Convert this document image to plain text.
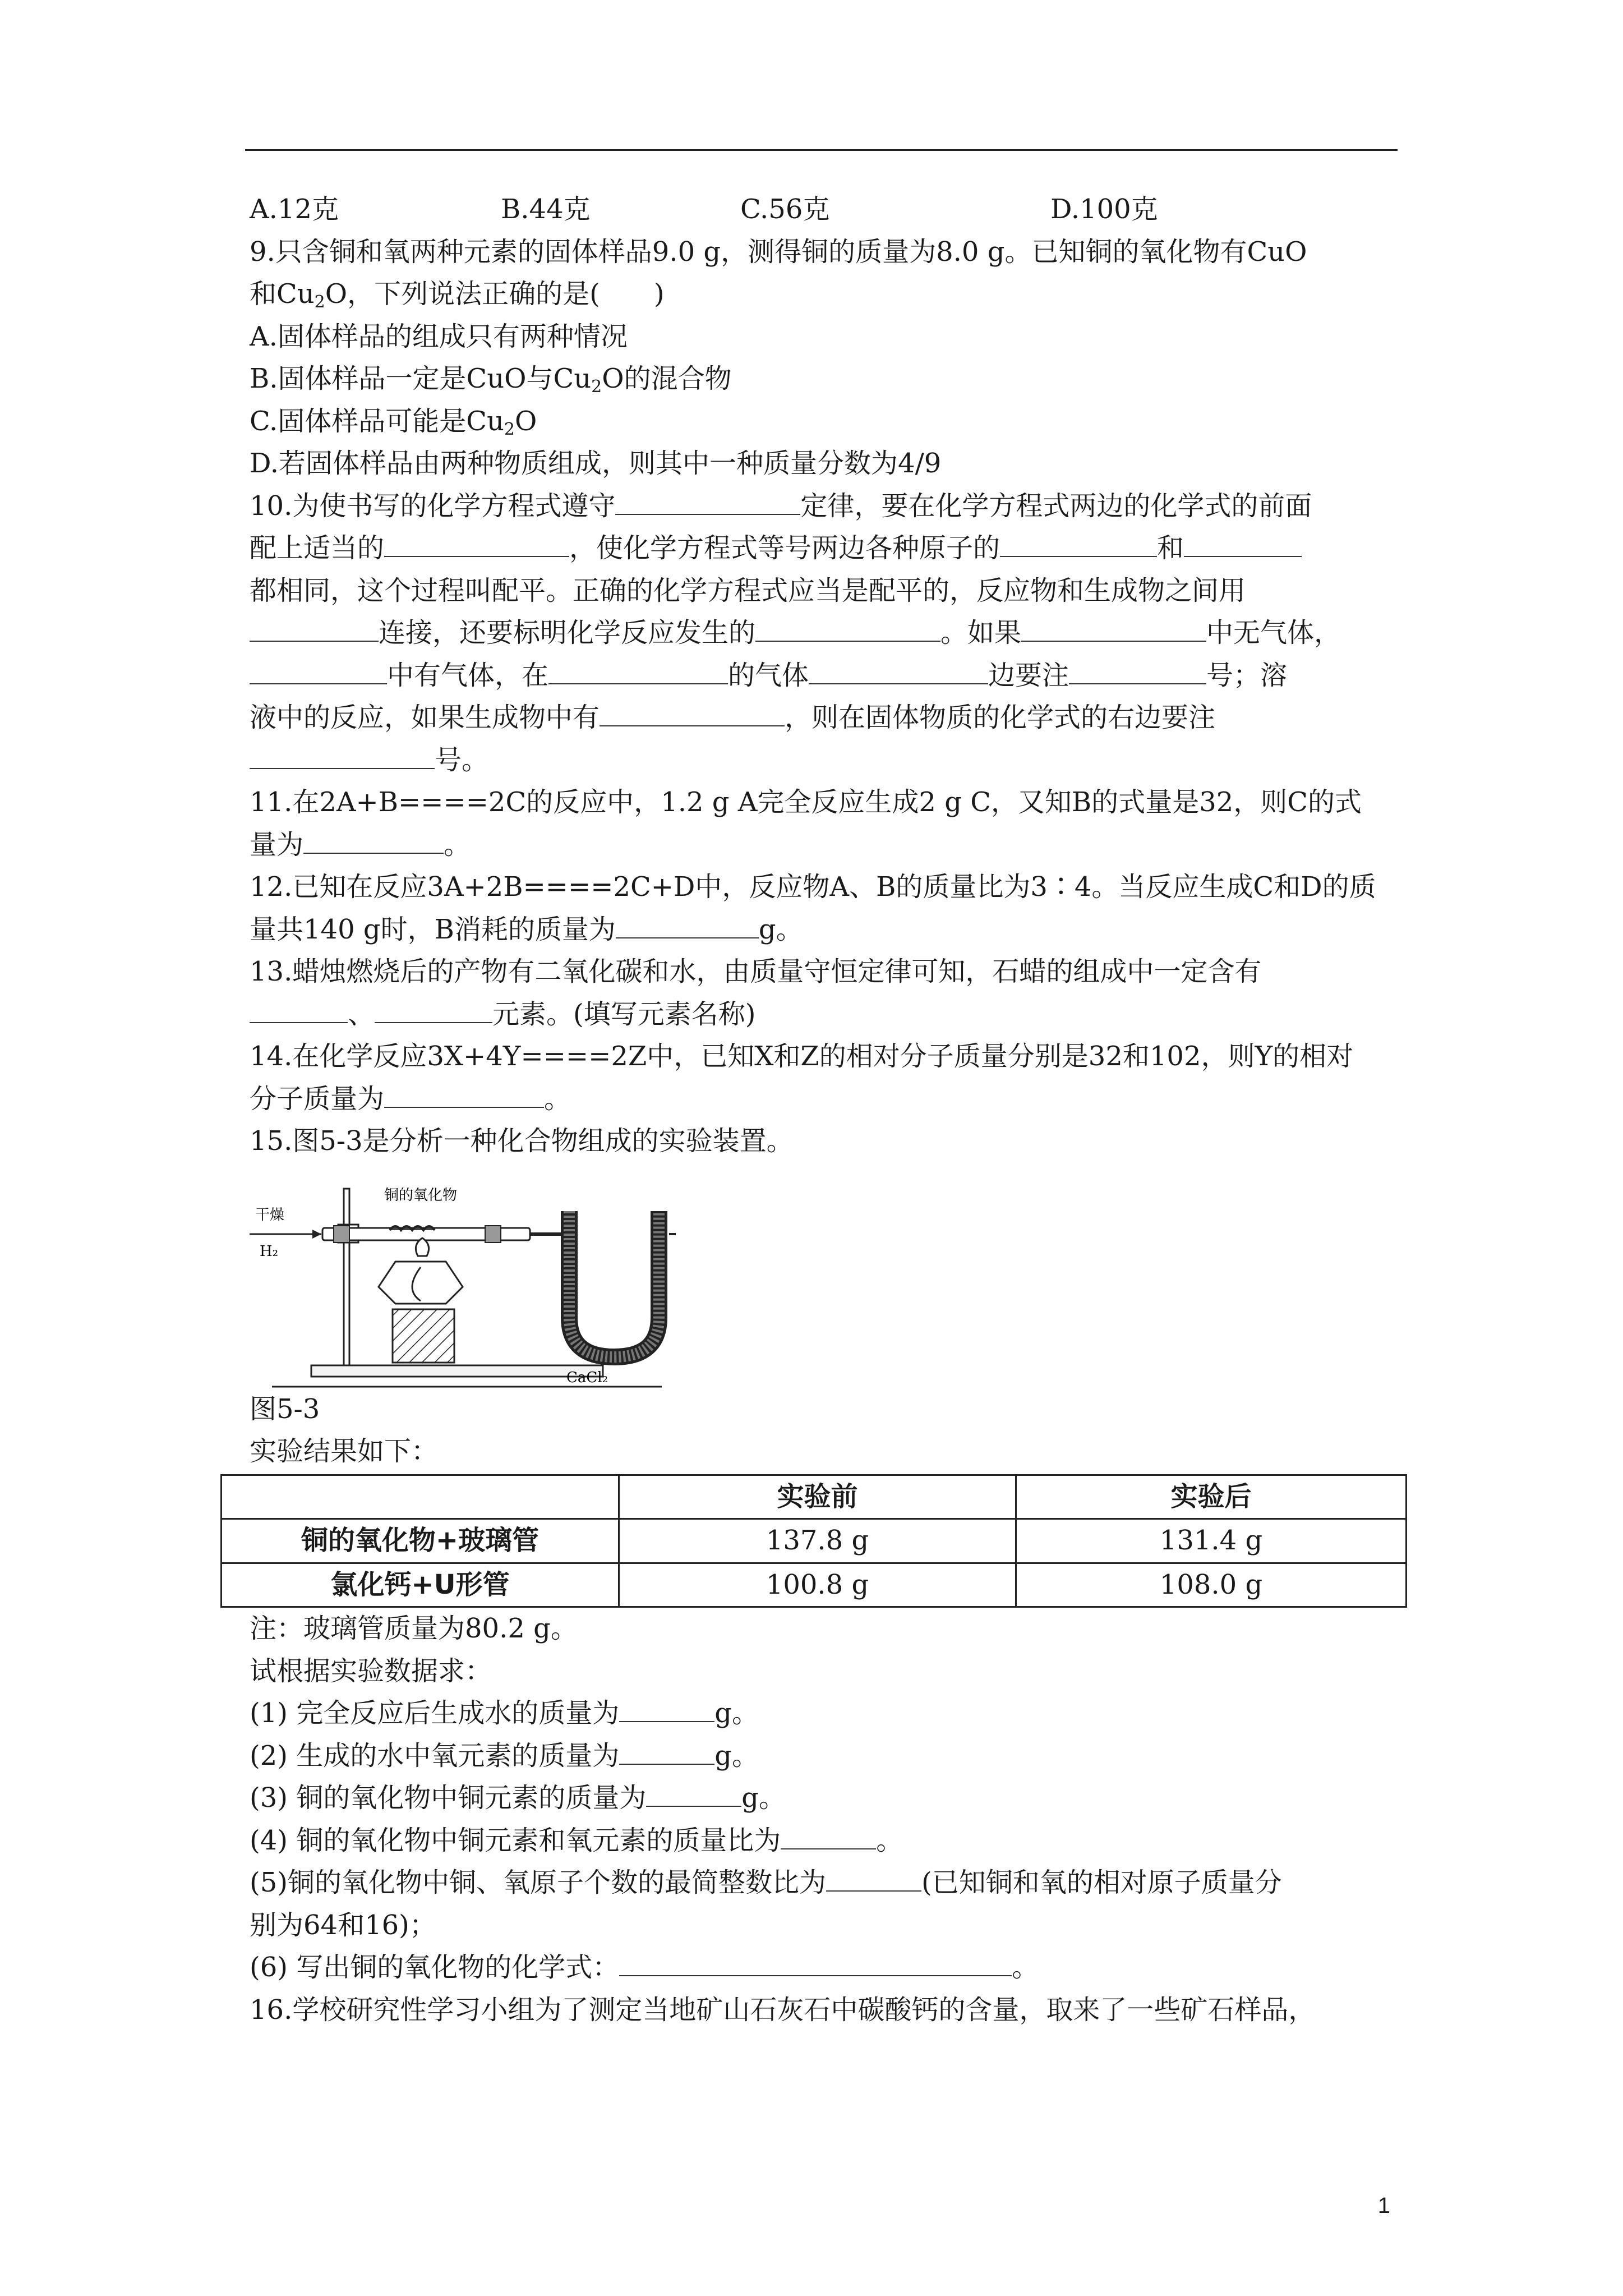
A.12克	B.44克	C.56克	D.100克
9.只含铜和氧两种元素的固体样品9.0 g，测得铜的质量为8.0 g。已知铜的氧化物有CuO
和$Cu_2O$，下列说法正确的是(　　)
A.固体样品的组成只有两种情况
B.固体样品一定是CuO与$Cu_2O$的混合物
C.固体样品可能是$Cu_2O$
D.若固体样品由两种物质组成，则其中一种质量分数为4/9
10.为使书写的化学方程式遵守	定律，要在化学方程式两边的化学式的前面
配上适当的	，使化学方程式等号两边各种原子的	和
都相同，这个过程叫配平。正确的化学方程式应当是配平的，反应物和生成物之间用
连接，还要标明化学反应发生的	。如果	中无气体，
中有气体，在	的气体	边要注	号；溶
液中的反应，如果生成物中有	，则在固体物质的化学式的右边要注
号。
11.在2A+B====2C的反应中，1.2 g A完全反应生成2 g C，又知B的式量是32，则C的式
量为	。
12.已知在反应3A+2B====2C+D中，反应物A、B的质量比为3∶4。当反应生成C和D的质
量共140 g时，B消耗的质量为	g。
13.蜡烛燃烧后的产物有二氧化碳和水，由质量守恒定律可知，石蜡的组成中一定含有
、	元素。(填写元素名称)
14.在化学反应3X+4Y====2Z中，已知X和Z的相对分子质量分别是32和102，则Y的相对
分子质量为	。
15.图5-3是分析一种化合物组成的实验装置。
干燥
H₂
铜的氧化物
CaCl₂
图5-3
实验结果如下：
	实验前	实验后
铜的氧化物+玻璃管	137.8 g	131.4 g
氯化钙+U形管	100.8 g	108.0 g
注：玻璃管质量为80.2 g。
试根据实验数据求：
(1) 完全反应后生成水的质量为	g。
(2) 生成的水中氧元素的质量为	g。
(3) 铜的氧化物中铜元素的质量为	g。
(4) 铜的氧化物中铜元素和氧元素的质量比为	。
(5)铜的氧化物中铜、氧原子个数的最简整数比为	(已知铜和氧的相对原子质量分
别为64和16)；
(6) 写出铜的氧化物的化学式：	。
16.学校研究性学习小组为了测定当地矿山石灰石中碳酸钙的含量，取来了一些矿石样品，
1
